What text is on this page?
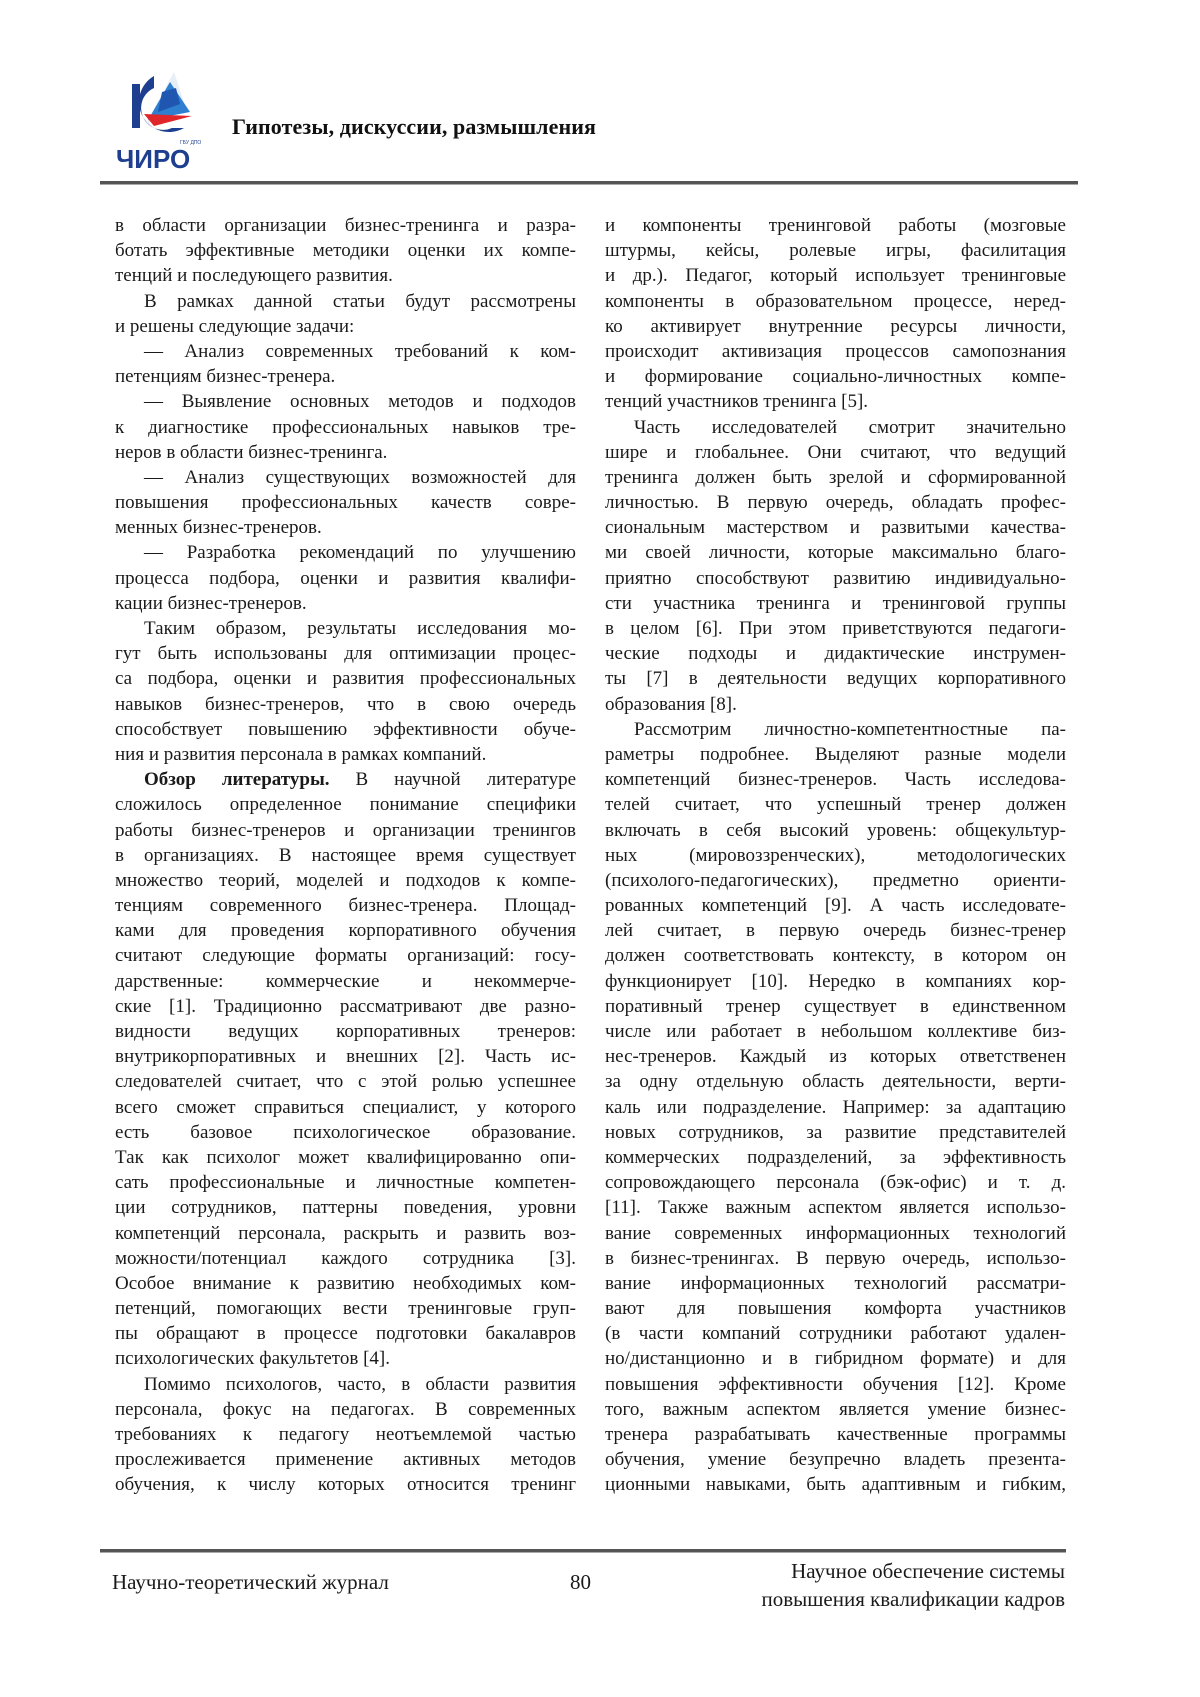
ГБУ ДПО
ЧИРО
Гипотезы, дискуссии, размышления
в области организации бизнес-тренинга и разра-
ботать эффективные методики оценки их компе-
тенций и последующего развития.
В рамках данной статьи будут рассмотрены
и решены следующие задачи:
— Анализ современных требований к ком-
петенциям бизнес-тренера.
— Выявление основных методов и подходов
к диагностике профессиональных навыков тре-
неров в области бизнес-тренинга.
— Анализ существующих возможностей для
повышения профессиональных качеств совре-
менных бизнес-тренеров.
— Разработка рекомендаций по улучшению
процесса подбора, оценки и развития квалифи-
кации бизнес-тренеров.
Таким образом, результаты исследования мо-
гут быть использованы для оптимизации процес-
са подбора, оценки и развития профессиональных
навыков бизнес-тренеров, что в свою очередь
способствует повышению эффективности обуче-
ния и развития персонала в рамках компаний.
Обзор литературы. В научной литературе
сложилось определенное понимание специфики
работы бизнес-тренеров и организации тренингов
в организациях. В настоящее время существует
множество теорий, моделей и подходов к компе-
тенциям современного бизнес-тренера. Площад-
ками для проведения корпоративного обучения
считают следующие форматы организаций: госу-
дарственные: коммерческие и некоммерче-
ские [1]. Традиционно рассматривают две разно-
видности ведущих корпоративных тренеров:
внутрикорпоративных и внешних [2]. Часть ис-
следователей считает, что с этой ролью успешнее
всего сможет справиться специалист, у которого
есть базовое психологическое образование.
Так как психолог может квалифицированно опи-
сать профессиональные и личностные компетен-
ции сотрудников, паттерны поведения, уровни
компетенций персонала, раскрыть и развить воз-
можности/потенциал каждого сотрудника [3].
Особое внимание к развитию необходимых ком-
петенций, помогающих вести тренинговые груп-
пы обращают в процессе подготовки бакалавров
психологических факультетов [4].
Помимо психологов, часто, в области развития
персонала, фокус на педагогах. В современных
требованиях к педагогу неотъемлемой частью
прослеживается применение активных методов
обучения, к числу которых относится тренинг
и компоненты тренинговой работы (мозговые
штурмы, кейсы, ролевые игры, фасилитация
и др.). Педагог, который использует тренинговые
компоненты в образовательном процессе, неред-
ко активирует внутренние ресурсы личности,
происходит активизация процессов самопознания
и формирование социально-личностных компе-
тенций участников тренинга [5].
Часть исследователей смотрит значительно
шире и глобальнее. Они считают, что ведущий
тренинга должен быть зрелой и сформированной
личностью. В первую очередь, обладать профес-
сиональным мастерством и развитыми качества-
ми своей личности, которые максимально благо-
приятно способствуют развитию индивидуально-
сти участника тренинга и тренинговой группы
в целом [6]. При этом приветствуются педагоги-
ческие подходы и дидактические инструмен-
ты [7] в деятельности ведущих корпоративного
образования [8].
Рассмотрим личностно-компетентностные па-
раметры подробнее. Выделяют разные модели
компетенций бизнес-тренеров. Часть исследова-
телей считает, что успешный тренер должен
включать в себя высокий уровень: общекультур-
ных (мировоззренческих), методологических
(психолого-педагогических), предметно ориенти-
рованных компетенций [9]. А часть исследовате-
лей считает, в первую очередь бизнес-тренер
должен соответствовать контексту, в котором он
функционирует [10]. Нередко в компаниях кор-
поративный тренер существует в единственном
числе или работает в небольшом коллективе биз-
нес-тренеров. Каждый из которых ответственен
за одну отдельную область деятельности, верти-
каль или подразделение. Например: за адаптацию
новых сотрудников, за развитие представителей
коммерческих подразделений, за эффективность
сопровождающего персонала (бэк-офис) и т. д.
[11]. Также важным аспектом является использо-
вание современных информационных технологий
в бизнес-тренингах. В первую очередь, использо-
вание информационных технологий рассматри-
вают для повышения комфорта участников
(в части компаний сотрудники работают удален-
но/дистанционно и в гибридном формате) и для
повышения эффективности обучения [12]. Кроме
того, важным аспектом является умение бизнес-
тренера разрабатывать качественные программы
обучения, умение безупречно владеть презента-
ционными навыками, быть адаптивным и гибким,
Научно-теоретический журнал	80	Научное обеспечение системы
повышения квалификации кадров
